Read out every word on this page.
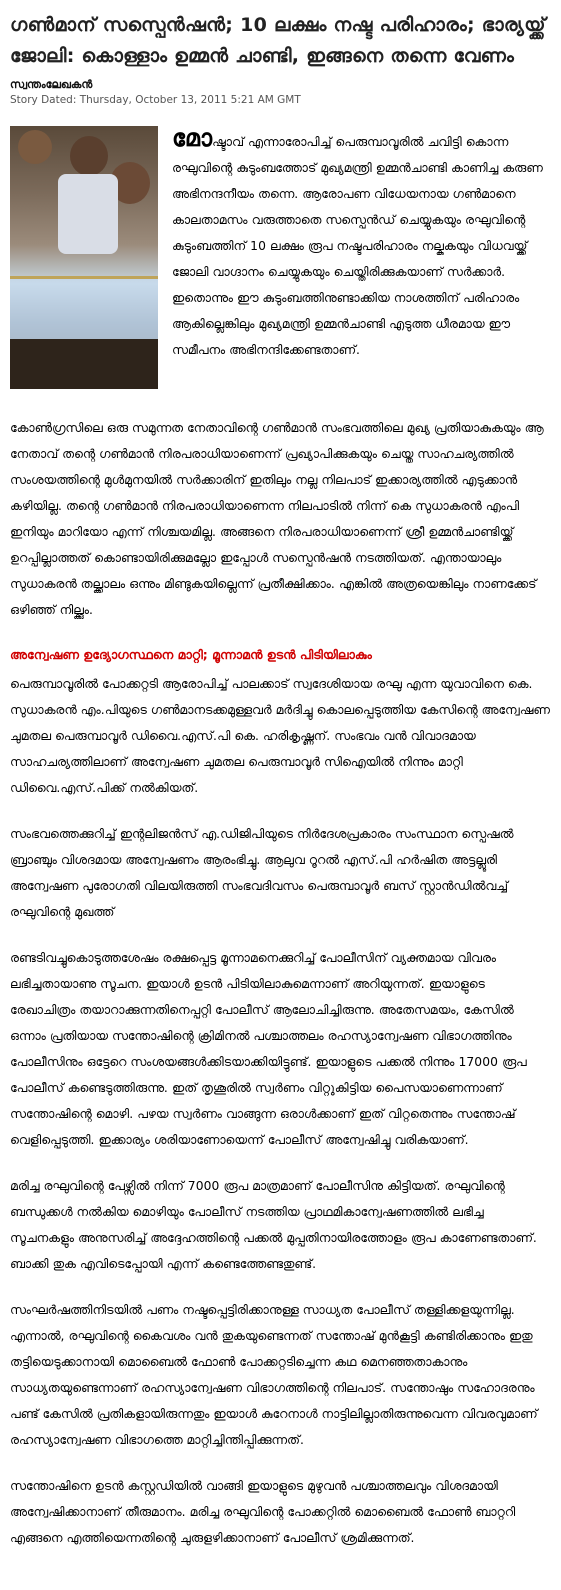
ഗൺമാന് സസ്പെൻഷൻ; 10 ലക്ഷം നഷ്ട പരിഹാരം; ഭാര്യയ്ക്ക് ജോലി: കൊള്ളാം ഉമ്മൻ ചാണ്ടി, ഇങ്ങനെ തന്നെ വേണം
സ്വന്തംലേഖകൻ
Story Dated: Thursday, October 13, 2011 5:21 AM GMT

മോഷ്ടാവ് എന്നാരോപിച്ച് പെരുമ്പാവൂരിൽ ചവിട്ടി കൊന്ന രഘുവിന്റെ കുടുംബത്തോട് മുഖ്യമന്ത്രി ഉമ്മൻചാണ്ടി കാണിച്ച കരുണ അഭിനന്ദനീയം തന്നെ. ആരോപണ വിധേയനായ ഗൺമാനെ കാലതാമസം വരുത്താതെ സസ്പെൻഡ് ചെയ്യുകയും രഘുവിന്റെ കുടുംബത്തിന് 10 ലക്ഷം രൂപ നഷ്ടപരിഹാരം നല്കുകയും വിധവയ്ക്ക് ജോലി വാഗ്ദാനം ചെയ്യുകയും ചെയ്തിരിക്കുകയാണ് സർക്കാർ. ഇതൊന്നും ഈ കുടുംബത്തിനുണ്ടാക്കിയ നാശത്തിന് പരിഹാരം ആകില്ലെങ്കിലും മുഖ്യമന്ത്രി ഉമ്മൻചാണ്ടി എടുത്ത ധീരമായ ഈ സമീപനം അഭിനന്ദിക്കേണ്ടതാണ്.

കോൺഗ്രസിലെ ഒരു സമുന്നത നേതാവിന്റെ ഗൺമാൻ സംഭവത്തിലെ മുഖ്യ പ്രതിയാകുകയും ആ നേതാവ് തന്റെ ഗൺമാൻ നിരപരാധിയാണെന്ന് പ്രഖ്യാപിക്കുകയും ചെയ്ത സാഹചര്യത്തിൽ സംശയത്തിന്റെ മുൾമുനയിൽ സർക്കാരിന് ഇതിലും നല്ല നിലപാട് ഇക്കാര്യത്തിൽ എടുക്കാൻ കഴിയില്ല. തന്റെ ഗൺമാൻ നിരപരാധിയാണെന്ന നിലപാടിൽ നിന്ന് കെ സുധാകരൻ എംപി ഇനിയും മാറിയോ എന്ന് നിശ്ചയമില്ല. അങ്ങനെ നിരപരാധിയാണെന്ന് ശ്രീ ഉമ്മൻചാണ്ടിയ്ക്ക് ഉറപ്പില്ലാത്തത് കൊണ്ടായിരിക്കുമല്ലോ ഇപ്പോൾ സസ്പെൻഷൻ നടത്തിയത്. എന്തായാലും സുധാകരൻ തല്ക്കാലം ഒന്നും മിണ്ടുകയില്ലെന്ന് പ്രതീക്ഷിക്കാം. എങ്കിൽ അത്രയെങ്കിലും നാണക്കേട് ഒഴിഞ്ഞ് നില്ക്കും.

അന്വേഷണ ഉദ്യോഗസ്ഥനെ മാറ്റി; മൂന്നാമൻ ഉടൻ പിടിയിലാകും

പെരുമ്പാവൂരിൽ പോക്കറ്റടി ആരോപിച്ച് പാലക്കാട് സ്വദേശിയായ രഘു എന്ന യുവാവിനെ കെ. സുധാകരൻ എം.പിയുടെ ഗൺമാനടക്കമുള്ളവർ മർദിച്ചു കൊലപ്പെടുത്തിയ കേസിന്റെ അന്വേഷണ ചുമതല പെരുമ്പാവൂർ ഡിവൈ.എസ്.പി കെ. ഹരികൃഷ്ണന്. സംഭവം വൻ വിവാദമായ സാഹചര്യത്തിലാണ് അന്വേഷണ ചുമതല പെരുമ്പാവൂർ സിഐയിൽ നിന്നും മാറ്റി ഡിവൈ.എസ്.പിക്ക് നൽകിയത്.

സംഭവത്തെക്കുറിച്ച് ഇന്റലിജൻസ് എ.ഡിജിപിയുടെ നിർദേശപ്രകാരം സംസ്ഥാന സ്പെഷൽ ബ്രാഞ്ചും വിശദമായ അന്വേഷണം ആരംഭിച്ചു. ആലുവ റൂറൽ എസ്.പി ഹർഷിത അട്ടല്ലൂരി അന്വേഷണ പുരോഗതി വിലയിരുത്തി സംഭവദിവസം പെരുമ്പാവൂർ ബസ് സ്റ്റാൻഡിൽവച്ച് രഘുവിന്റെ മുഖത്ത്

രണ്ടടിവച്ചുകൊടുത്തശേഷം രക്ഷപ്പെട്ട മൂന്നാമനെക്കുറിച്ച് പോലീസിന് വ്യക്തമായ വിവരം ലഭിച്ചതായാണു സൂചന. ഇയാൾ ഉടൻ പിടിയിലാകുമെന്നാണ് അറിയുന്നത്. ഇയാളുടെ രേഖാചിത്രം തയാറാക്കുന്നതിനെപ്പറ്റി പോലീസ് ആലോചിച്ചിരുന്നു. അതേസമയം, കേസിൽ ഒന്നാം പ്രതിയായ സന്തോഷിന്റെ ക്രിമിനൽ പശ്ചാത്തലം രഹസ്യാന്വേഷണ വിഭാഗത്തിനും പോലീസിനും ഒട്ടേറെ സംശയങ്ങൾക്കിടയാക്കിയിട്ടുണ്ട്. ഇയാളുടെ പക്കൽ നിന്നും 17000 രൂപ പോലീസ് കണ്ടെടുത്തിരുന്നു. ഇത് തൃശൂരിൽ സ്വർണം വിറ്റുകിട്ടിയ പൈസയാണെന്നാണ് സന്തോഷിന്റെ മൊഴി. പഴയ സ്വർണം വാങ്ങുന്ന ഒരാൾക്കാണ് ഇത് വിറ്റതെന്നും സന്തോഷ് വെളിപ്പെടുത്തി. ഇക്കാര്യം ശരിയാണോയെന്ന് പോലീസ് അന്വേഷിച്ചു വരികയാണ്.

മരിച്ച രഘുവിന്റെ പേഴ്സിൽ നിന്ന് 7000 രൂപ മാത്രമാണ് പോലീസിനു കിട്ടിയത്. രഘുവിന്റെ ബന്ധുക്കൾ നൽകിയ മൊഴിയും പോലീസ് നടത്തിയ പ്രാഥമികാന്വേഷണത്തിൽ ലഭിച്ച സൂചനകളും അനുസരിച്ച് അദ്ദേഹത്തിന്റെ പക്കൽ മുപ്പതിനായിരത്തോളം രൂപ കാണേണ്ടതാണ്. ബാക്കി തുക എവിടെപ്പോയി എന്ന് കണ്ടെത്തേണ്ടതുണ്ട്.

സംഘർഷത്തിനിടയിൽ പണം നഷ്ടപ്പെട്ടിരിക്കാനുള്ള സാധ്യത പോലീസ് തള്ളിക്കളയുന്നില്ല. എന്നാൽ, രഘുവിന്റെ കൈവശം വൻ തുകയുണ്ടെന്നത് സന്തോഷ് മുൻകൂട്ടി കണ്ടിരിക്കാനും ഇതു തട്ടിയെടുക്കാനായി മൊബൈൽ ഫോൺ പോക്കറ്റടിച്ചെന്ന കഥ മെനഞ്ഞതാകാനും സാധ്യതയുണ്ടെന്നാണ് രഹസ്യാന്വേഷണ വിഭാഗത്തിന്റെ നിലപാട്. സന്തോഷും സഹോദരനും പണ്ട് കേസിൽ പ്രതികളായിരുന്നതും ഇയാൾ കുറേനാൾ നാട്ടിലില്ലാതിരുന്നുവെന്ന വിവരവുമാണ് രഹസ്യാന്വേഷണ വിഭാഗത്തെ മാറ്റിച്ചിന്തിപ്പിക്കുന്നത്.

സന്തോഷിനെ ഉടൻ കസ്റ്റഡിയിൽ വാങ്ങി ഇയാളുടെ മുഴുവൻ പശ്ചാത്തലവും വിശദമായി അന്വേഷിക്കാനാണ് തീരുമാനം. മരിച്ച രഘുവിന്റെ പോക്കറ്റിൽ മൊബൈൽ ഫോൺ ബാറ്ററി എങ്ങനെ എത്തിയെന്നതിന്റെ ചുരുളഴിക്കാനാണ് പോലീസ് ശ്രമിക്കുന്നത്.
